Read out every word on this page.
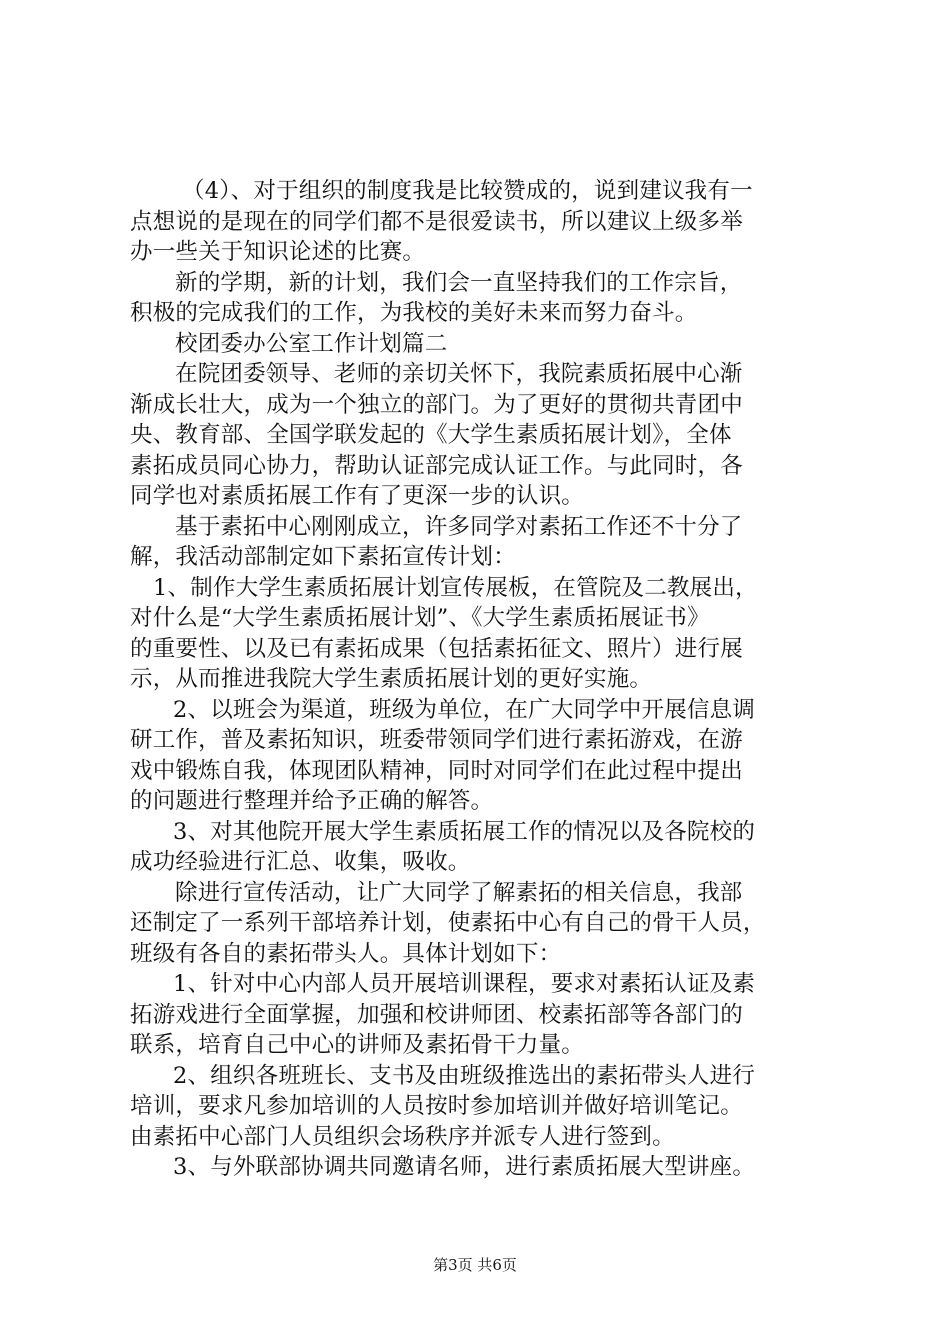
（4）、对于组织的制度我是比较赞成的，说到建议我有一
点想说的是现在的同学们都不是很爱读书，所以建议上级多举
办一些关于知识论述的比赛。
新的学期，新的计划，我们会一直坚持我们的工作宗旨，
积极的完成我们的工作，为我校的美好未来而努力奋斗。
校团委办公室工作计划篇二
在院团委领导、老师的亲切关怀下，我院素质拓展中心渐
渐成长壮大，成为一个独立的部门。为了更好的贯彻共青团中
央、教育部、全国学联发起的《大学生素质拓展计划》，全体
素拓成员同心协力，帮助认证部完成认证工作。与此同时，各
同学也对素质拓展工作有了更深一步的认识。
基于素拓中心刚刚成立，许多同学对素拓工作还不十分了
解，我活动部制定如下素拓宣传计划：
1、制作大学生素质拓展计划宣传展板，在管院及二教展出，
对什么是“大学生素质拓展计划”、《大学生素质拓展证书》
的重要性、以及已有素拓成果（包括素拓征文、照片）进行展
示，从而推进我院大学生素质拓展计划的更好实施。
2、以班会为渠道，班级为单位，在广大同学中开展信息调
研工作，普及素拓知识，班委带领同学们进行素拓游戏，在游
戏中锻炼自我，体现团队精神，同时对同学们在此过程中提出
的问题进行整理并给予正确的解答。
3、对其他院开展大学生素质拓展工作的情况以及各院校的
成功经验进行汇总、收集，吸收。
除进行宣传活动，让广大同学了解素拓的相关信息，我部
还制定了一系列干部培养计划，使素拓中心有自己的骨干人员，
班级有各自的素拓带头人。具体计划如下：
1、针对中心内部人员开展培训课程，要求对素拓认证及素
拓游戏进行全面掌握，加强和校讲师团、校素拓部等各部门的
联系，培育自己中心的讲师及素拓骨干力量。
2、组织各班班长、支书及由班级推选出的素拓带头人进行
培训，要求凡参加培训的人员按时参加培训并做好培训笔记。
由素拓中心部门人员组织会场秩序并派专人进行签到。
3、与外联部协调共同邀请名师，进行素质拓展大型讲座。
第3页 共6页
